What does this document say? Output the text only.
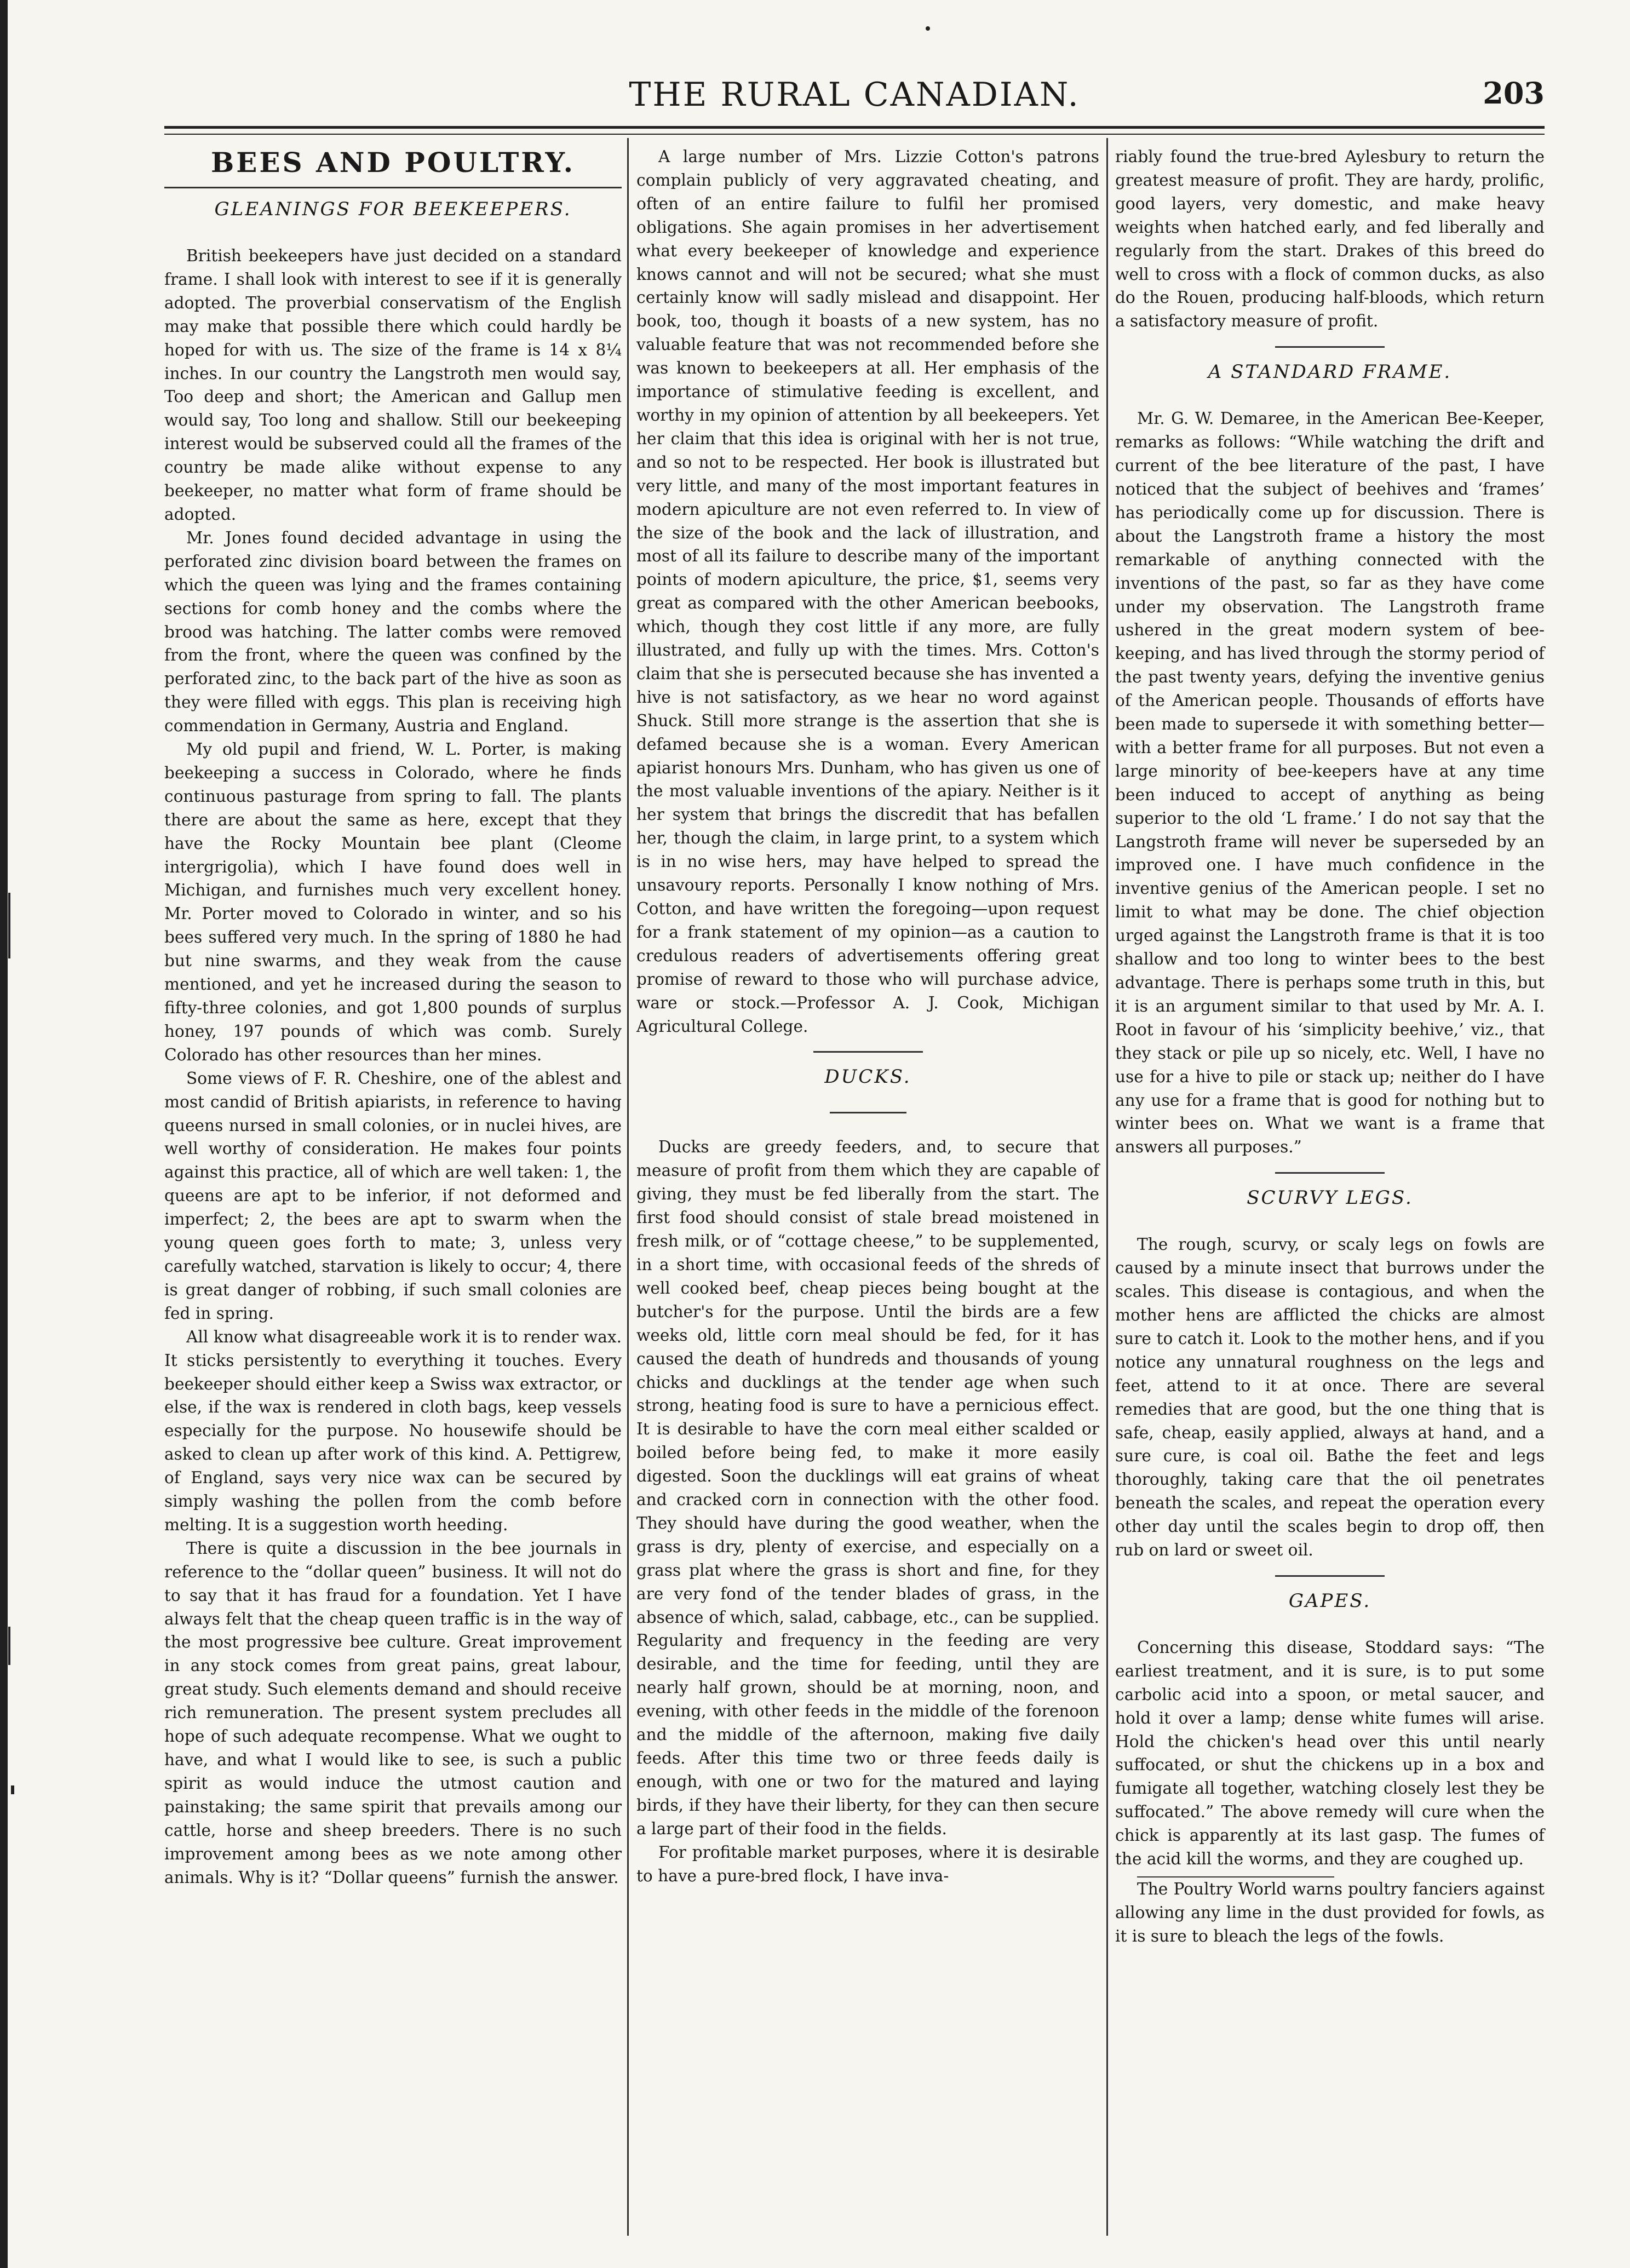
THE RURAL CANADIAN.	203
BEES AND POULTRY.
GLEANINGS FOR BEEKEEPERS.

British beekeepers have just decided on a standard frame. I shall look with interest to see if it is generally adopted. The proverbial conservatism of the English may make that possible there which could hardly be hoped for with us. The size of the frame is 14 x 8¼ inches. In our country the Langstroth men would say, Too deep and short; the American and Gallup men would say, Too long and shallow. Still our beekeeping interest would be subserved could all the frames of the country be made alike without expense to any beekeeper, no matter what form of frame should be adopted.

Mr. Jones found decided advantage in using the perforated zinc division board between the frames on which the queen was lying and the frames containing sections for comb honey and the combs where the brood was hatching. The latter combs were removed from the front, where the queen was confined by the perforated zinc, to the back part of the hive as soon as they were filled with eggs. This plan is receiving high commendation in Germany, Austria and England.

My old pupil and friend, W. L. Porter, is making beekeeping a success in Colorado, where he finds continuous pasturage from spring to fall. The plants there are about the same as here, except that they have the Rocky Mountain bee plant (Cleome intergrigolia), which I have found does well in Michigan, and furnishes much very excellent honey. Mr. Porter moved to Colorado in winter, and so his bees suffered very much. In the spring of 1880 he had but nine swarms, and they weak from the cause mentioned, and yet he increased during the season to fifty-three colonies, and got 1,800 pounds of surplus honey, 197 pounds of which was comb. Surely Colorado has other resources than her mines.

Some views of F. R. Cheshire, one of the ablest and most candid of British apiarists, in reference to having queens nursed in small colonies, or in nuclei hives, are well worthy of consideration. He makes four points against this practice, all of which are well taken: 1, the queens are apt to be inferior, if not deformed and imperfect; 2, the bees are apt to swarm when the young queen goes forth to mate; 3, unless very carefully watched, starvation is likely to occur; 4, there is great danger of robbing, if such small colonies are fed in spring.

All know what disagreeable work it is to render wax. It sticks persistently to everything it touches. Every beekeeper should either keep a Swiss wax extractor, or else, if the wax is rendered in cloth bags, keep vessels especially for the purpose. No housewife should be asked to clean up after work of this kind. A. Pettigrew, of England, says very nice wax can be secured by simply washing the pollen from the comb before melting. It is a suggestion worth heeding.

There is quite a discussion in the bee journals in reference to the “dollar queen” business. It will not do to say that it has fraud for a foundation. Yet I have always felt that the cheap queen traffic is in the way of the most progressive bee culture. Great improvement in any stock comes from great pains, great labour, great study. Such elements demand and should receive rich remuneration. The present system precludes all hope of such adequate recompense. What we ought to have, and what I would like to see, is such a public spirit as would induce the utmost caution and painstaking; the same spirit that prevails among our cattle, horse and sheep breeders. There is no such improvement among bees as we note among other animals. Why is it? “Dollar queens” furnish the answer.

A large number of Mrs. Lizzie Cotton's patrons complain publicly of very aggravated cheating, and often of an entire failure to fulfil her promised obligations. She again promises in her advertisement what every beekeeper of knowledge and experience knows cannot and will not be secured; what she must certainly know will sadly mislead and disappoint. Her book, too, though it boasts of a new system, has no valuable feature that was not recommended before she was known to beekeepers at all. Her emphasis of the importance of stimulative feeding is excellent, and worthy in my opinion of attention by all beekeepers. Yet her claim that this idea is original with her is not true, and so not to be respected. Her book is illustrated but very little, and many of the most important features in modern apiculture are not even referred to. In view of the size of the book and the lack of illustration, and most of all its failure to describe many of the important points of modern apiculture, the price, $1, seems very great as compared with the other American beebooks, which, though they cost little if any more, are fully illustrated, and fully up with the times. Mrs. Cotton's claim that she is persecuted because she has invented a hive is not satisfactory, as we hear no word against Shuck. Still more strange is the assertion that she is defamed because she is a woman. Every American apiarist honours Mrs. Dunham, who has given us one of the most valuable inventions of the apiary. Neither is it her system that brings the discredit that has befallen her, though the claim, in large print, to a system which is in no wise hers, may have helped to spread the unsavoury reports. Personally I know nothing of Mrs. Cotton, and have written the foregoing—upon request for a frank statement of my opinion—as a caution to credulous readers of advertisements offering great promise of reward to those who will purchase advice, ware or stock.—Professor A. J. Cook, Michigan Agricultural College.

DUCKS.

Ducks are greedy feeders, and, to secure that measure of profit from them which they are capable of giving, they must be fed liberally from the start. The first food should consist of stale bread moistened in fresh milk, or of “cottage cheese,” to be supplemented, in a short time, with occasional feeds of the shreds of well cooked beef, cheap pieces being bought at the butcher's for the purpose. Until the birds are a few weeks old, little corn meal should be fed, for it has caused the death of hundreds and thousands of young chicks and ducklings at the tender age when such strong, heating food is sure to have a pernicious effect. It is desirable to have the corn meal either scalded or boiled before being fed, to make it more easily digested. Soon the ducklings will eat grains of wheat and cracked corn in connection with the other food. They should have during the good weather, when the grass is dry, plenty of exercise, and especially on a grass plat where the grass is short and fine, for they are very fond of the tender blades of grass, in the absence of which, salad, cabbage, etc., can be supplied. Regularity and frequency in the feeding are very desirable, and the time for feeding, until they are nearly half grown, should be at morning, noon, and evening, with other feeds in the middle of the forenoon and the middle of the afternoon, making five daily feeds. After this time two or three feeds daily is enough, with one or two for the matured and laying birds, if they have their liberty, for they can then secure a large part of their food in the fields.

For profitable market purposes, where it is desirable to have a pure-bred flock, I have inva-

riably found the true-bred Aylesbury to return the greatest measure of profit. They are hardy, prolific, good layers, very domestic, and make heavy weights when hatched early, and fed liberally and regularly from the start. Drakes of this breed do well to cross with a flock of common ducks, as also do the Rouen, producing half-bloods, which return a satisfactory measure of profit.

A STANDARD FRAME.

Mr. G. W. Demaree, in the American Bee-Keeper, remarks as follows: “While watching the drift and current of the bee literature of the past, I have noticed that the subject of beehives and ‘frames’ has periodically come up for discussion. There is about the Langstroth frame a history the most remarkable of anything connected with the inventions of the past, so far as they have come under my observation. The Langstroth frame ushered in the great modern system of bee-keeping, and has lived through the stormy period of the past twenty years, defying the inventive genius of the American people. Thousands of efforts have been made to supersede it with something better—with a better frame for all purposes. But not even a large minority of bee-keepers have at any time been induced to accept of anything as being superior to the old ‘L frame.’ I do not say that the Langstroth frame will never be superseded by an improved one. I have much confidence in the inventive genius of the American people. I set no limit to what may be done. The chief objection urged against the Langstroth frame is that it is too shallow and too long to winter bees to the best advantage. There is perhaps some truth in this, but it is an argument similar to that used by Mr. A. I. Root in favour of his ‘simplicity beehive,’ viz., that they stack or pile up so nicely, etc. Well, I have no use for a hive to pile or stack up; neither do I have any use for a frame that is good for nothing but to winter bees on. What we want is a frame that answers all purposes.”

SCURVY LEGS.

The rough, scurvy, or scaly legs on fowls are caused by a minute insect that burrows under the scales. This disease is contagious, and when the mother hens are afflicted the chicks are almost sure to catch it. Look to the mother hens, and if you notice any unnatural roughness on the legs and feet, attend to it at once. There are several remedies that are good, but the one thing that is safe, cheap, easily applied, always at hand, and a sure cure, is coal oil. Bathe the feet and legs thoroughly, taking care that the oil penetrates beneath the scales, and repeat the operation every other day until the scales begin to drop off, then rub on lard or sweet oil.

GAPES.

Concerning this disease, Stoddard says: “The earliest treatment, and it is sure, is to put some carbolic acid into a spoon, or metal saucer, and hold it over a lamp; dense white fumes will arise. Hold the chicken's head over this until nearly suffocated, or shut the chickens up in a box and fumigate all together, watching closely lest they be suffocated.” The above remedy will cure when the chick is apparently at its last gasp. The fumes of the acid kill the worms, and they are coughed up.

The Poultry World warns poultry fanciers against allowing any lime in the dust provided for fowls, as it is sure to bleach the legs of the fowls.
